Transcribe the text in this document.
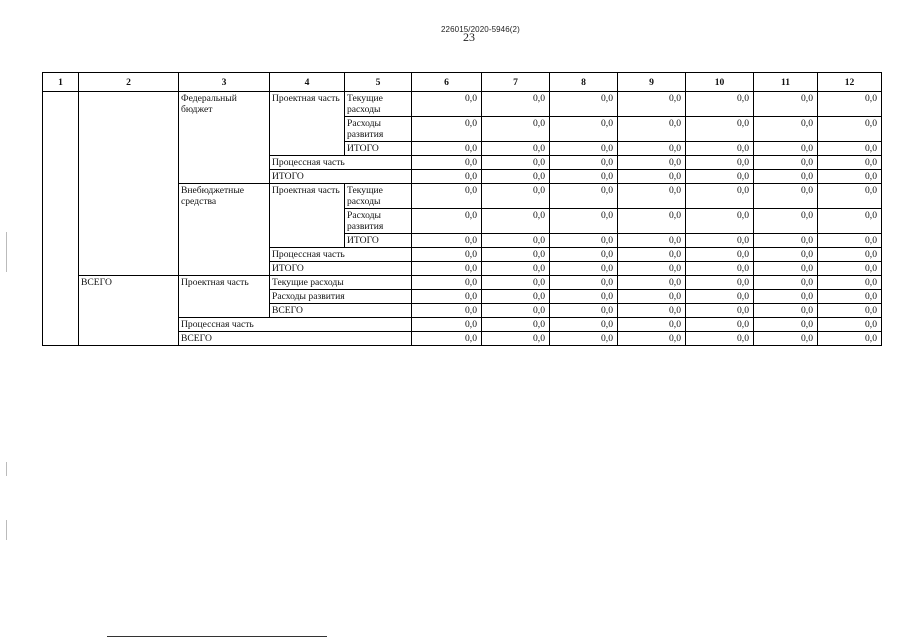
226015/2020-5946(2)
23
1	2	3	4	5	6	7	8	9	10	11	12
		Федеральный бюджет	Проектная часть	Текущие расходы	0,0	0,0	0,0	0,0	0,0	0,0	0,0
				Расходы развития	0,0	0,0	0,0	0,0	0,0	0,0	0,0
				ИТОГО	0,0	0,0	0,0	0,0	0,0	0,0	0,0
			Процессная часть		0,0	0,0	0,0	0,0	0,0	0,0	0,0
			ИТОГО		0,0	0,0	0,0	0,0	0,0	0,0	0,0
		Внебюджетные средства	Проектная часть	Текущие расходы	0,0	0,0	0,0	0,0	0,0	0,0	0,0
				Расходы развития	0,0	0,0	0,0	0,0	0,0	0,0	0,0
				ИТОГО	0,0	0,0	0,0	0,0	0,0	0,0	0,0
			Процессная часть		0,0	0,0	0,0	0,0	0,0	0,0	0,0
			ИТОГО		0,0	0,0	0,0	0,0	0,0	0,0	0,0
	ВСЕГО	Проектная часть	Текущие расходы		0,0	0,0	0,0	0,0	0,0	0,0	0,0
			Расходы развития		0,0	0,0	0,0	0,0	0,0	0,0	0,0
			ВСЕГО		0,0	0,0	0,0	0,0	0,0	0,0	0,0
		Процессная часть			0,0	0,0	0,0	0,0	0,0	0,0	0,0
		ВСЕГО			0,0	0,0	0,0	0,0	0,0	0,0	0,0
